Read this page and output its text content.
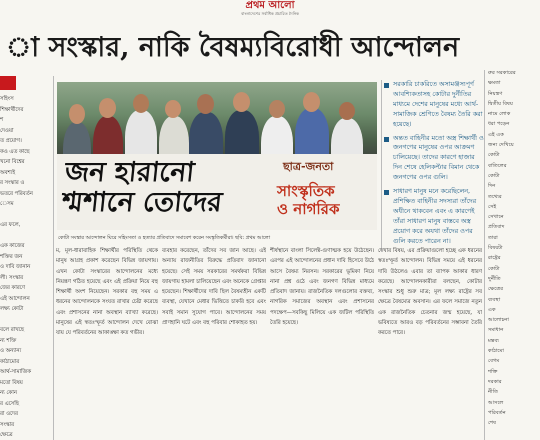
প্রথম আলো
বাংলাদেশের সর্বাধিক প্রচারিত দৈনিক
া সংস্কার, নাকি বৈষম্যবিরোধী আন্দোলন
সহিংস
শিক্ষার্থীদের
শ
দেওয়া
ত প্রয়োগ।
কও এত কাছে
খনো বিশ্বের
অবশ্যই
র সংস্কার ও
ভতরে পরিবর্তন
েসম
এর ফলে,
এক কাজের
শক্তির জন
ও দাবি জানান
লী। সংস্কার
জের কারণে
এই আন্দোলন
লক্ষ্য কোটা
বলে রাখছে
ন্য শক্তি
ও অন্যান্য
কাঠামোর
আর্থ-সামাজিক
মতো বিষয়
ন্য কোন
র এসেছি
রা ওদের
সংস্কার
ক্ষেত্রে
জন হারানো
শ্মশানে তোদের
ছাত্র-জনতা
সাংস্কৃতিক
ও নাগরিক
কোটা সংস্কার আন্দোলন ঘিরে সহিংসতা ও হত্যার প্রতিবাদে সমাবেশ করেন সংস্কৃতিকর্মীরা। ছবি: প্রথম আলো
সরকারি চাকরিতে অসামঞ্জস্যপূর্ণ আবশ্যিকতাসহ কোটার দুর্নীতির মাধ্যমে দেশের মানুষের মধ্যে আর্থ-সামাজিক শ্রেণিতে বৈষম্য তৈরি করা হয়েছে।
অন্তত বাহিনীর মতো অস্ত্র শিক্ষার্থী ও জনগণের মানুষের ওপর আক্রমণ চালিয়েছে। তাদের কারণে হাজার দিন শেষে হেলিকপ্টার বিমান থেকে জনগণের ওপর গুলি।
সাধারণ মানুষ মনে করেছিলেন, প্রশিক্ষিত বাহিনীর সদস্যরা তাঁদের অধীনে থাকবেন এবং এ কারণেই তাঁরা সাধারণ মানুষ বাস্তবে অস্ত্র প্রয়োগ করে অযথা তাঁদের ওপর গুলি করতে পারেন না।
রুর সরকারের
ক্ষমতা
নিয়ন্ত্রণ
দ্বিতীয় বিষয়
নামে লোক
ধরা পড়েন
এই এক
জন্য দেখিয়ে
কোটা
বাতিলের
কোটা
দিন
তথ্যের
সেই
সেখানে
প্রতিবাদ
তারা
বিষয়টা
রাষ্ট্রের
কোটা
দুর্নীতি
ক্ষেত্রের
ব্যবস্থা
এক
আলোচনা
সমাধান
মন্তব্য
কাঠামো
বেগম
শক্তি
দরকার
নীতি
আসলে
পরিবর্তন
শেষ
ম, মূল-ধারাবাহিক শিক্ষার্থীর পরিস্থিতি থেকে মানুষ আগ্রহ প্রকাশ করেছেন বিভিন্ন জায়গায়। এখন কোটা সংস্কারের আন্দোলনের মধ্যে নিয়ন্ত্রণ গঠিত হয়েছে এবং এই প্রক্রিয়া নিয়ে বহু শিক্ষার্থী অংশ নিয়েছেন। সরকার বহু সময় এ ধরনের আন্দোলনকে সংযত রাখার চেষ্টা করেছে এবং প্রশাসনের নানা অবস্থান ব্যাখ্যা করেছে। মানুষের এই স্বতঃস্ফূর্ত আন্দোলন দেখে বোঝা যায় যে পরিবর্তনের আকাঙ্ক্ষা কত গভীর।
ব্যবহার করেছেন, তাঁদের সব জান আছে। এই অন্যায় রাজনীতির বিরুদ্ধে প্রতিবাদ জানানো হয়েছে। সেই সময় সরকারের সমর্থকরা বিভিন্ন জায়গায় হামলা চালিয়েছেন এবং অনেকে গ্রেপ্তার হয়েছেন। শিক্ষার্থীদের দাবি ছিল বৈষম্যহীন একটি ব্যবস্থা, যেখানে মেধার ভিত্তিতে চাকরি হবে এবং সবাই সমান সুযোগ পাবে। আন্দোলনের সময় প্রাণহানি ঘটে এবং বহু পরিবার শোকাহত হয়।
শীর্ষস্থানে বাংলা সিলেক্ট-গুণাত্মক হয়ে উঠেছেন। এরপর এই আন্দোলনের প্রধান দাবি হিসেবে উঠে আসে বৈষম্য নিরসন। সরকারের ভূমিকা নিয়ে নানা প্রশ্ন ওঠে এবং জনগণ বিভিন্ন মাধ্যমে প্রতিবাদ জানায়। রাজনৈতিক দলগুলোর বক্তব্য, নাগরিক সমাজের অবস্থান এবং প্রশাসনের পদক্ষেপ—সবকিছু মিলিয়ে এক জটিল পরিস্থিতি তৈরি হয়েছে।
দেখার বিষয়, এর প্রক্রিয়াগুলো হচ্ছে এক ধরনের স্বতঃস্ফূর্ত আন্দোলন। বিভিন্ন সময়ে এই ধরনের দাবি উঠলেও এবার তা ব্যাপক আকার ধারণ করেছে। আন্দোলনকারীরা বলছেন, কোটার সংস্কার শুধু শুরু মাত্র; মূল লক্ষ্য রাষ্ট্রের সব ক্ষেত্রে বৈষম্যের অবসান। এর ফলে সমাজে নতুন এক রাজনৈতিক চেতনার জন্ম হয়েছে, যা ভবিষ্যতে আরও বড় পরিবর্তনের সম্ভাবনা তৈরি করতে পারে।
